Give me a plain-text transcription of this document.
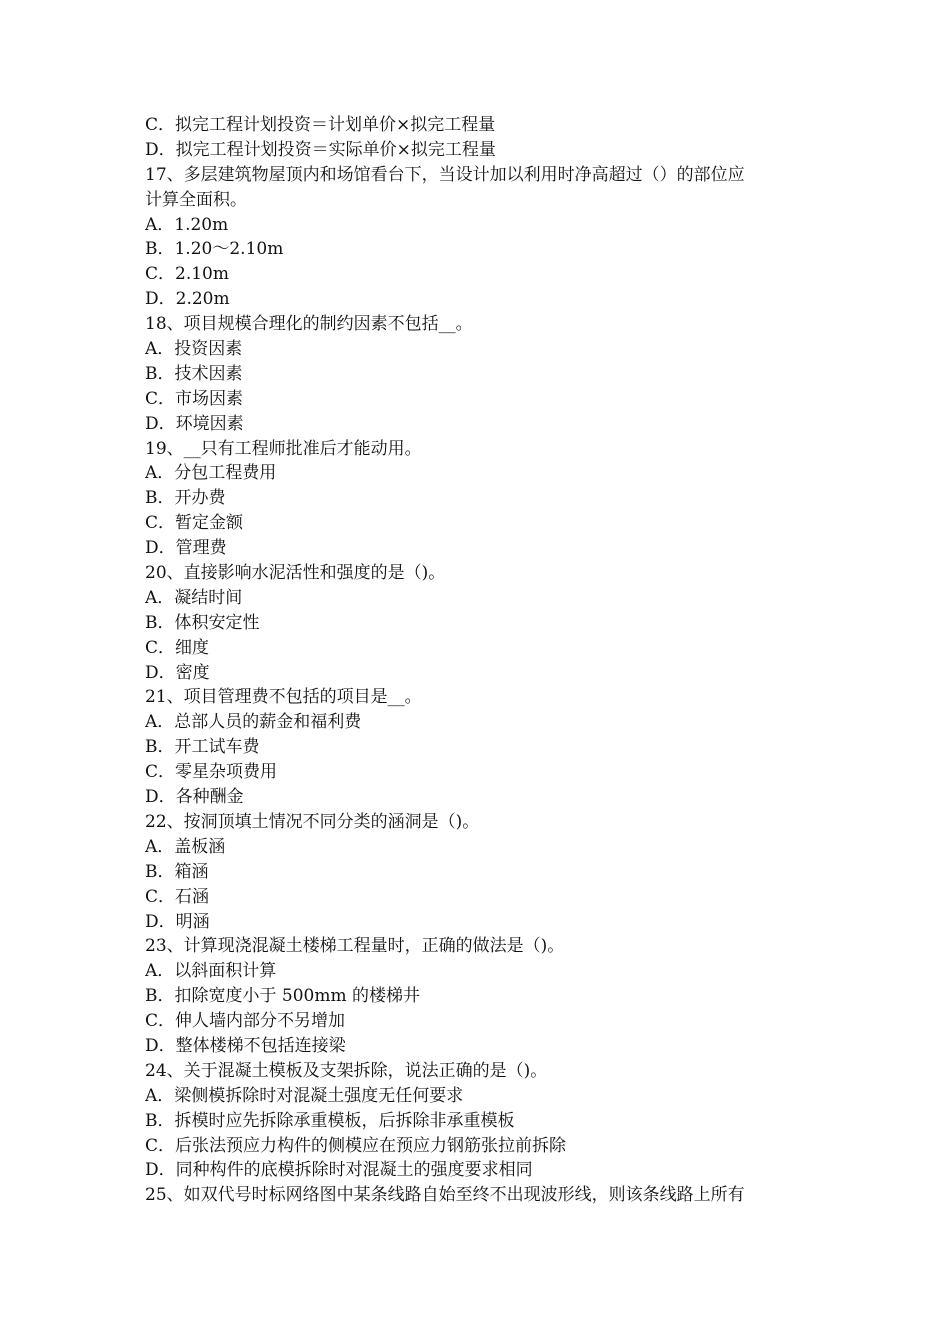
C．拟完工程计划投资＝计划单价×拟完工程量
D．拟完工程计划投资＝实际单价×拟完工程量
17、多层建筑物屋顶内和场馆看台下，当设计加以利用时净高超过（）的部位应
计算全面积。
A．1.20m
B．1.20～2.10m
C．2.10m
D．2.20m
18、项目规模合理化的制约因素不包括__。
A．投资因素
B．技术因素
C．市场因素
D．环境因素
19、__只有工程师批准后才能动用。
A．分包工程费用
B．开办费
C．暂定金额
D．管理费
20、直接影响水泥活性和强度的是（)。
A．凝结时间
B．体积安定性
C．细度
D．密度
21、项目管理费不包括的项目是__。
A．总部人员的薪金和福利费
B．开工试车费
C．零星杂项费用
D．各种酬金
22、按洞顶填土情况不同分类的涵洞是（)。
A．盖板涵
B．箱涵
C．石涵
D．明涵
23、计算现浇混凝土楼梯工程量时，正确的做法是（)。
A．以斜面积计算
B．扣除宽度小于 500mm 的楼梯井
C．伸人墙内部分不另增加
D．整体楼梯不包括连接梁
24、关于混凝土模板及支架拆除，说法正确的是（)。
A．梁侧模拆除时对混凝土强度无任何要求
B．拆模时应先拆除承重模板，后拆除非承重模板
C．后张法预应力构件的侧模应在预应力钢筋张拉前拆除
D．同种构件的底模拆除时对混凝土的强度要求相同
25、如双代号时标网络图中某条线路自始至终不出现波形线，则该条线路上所有
